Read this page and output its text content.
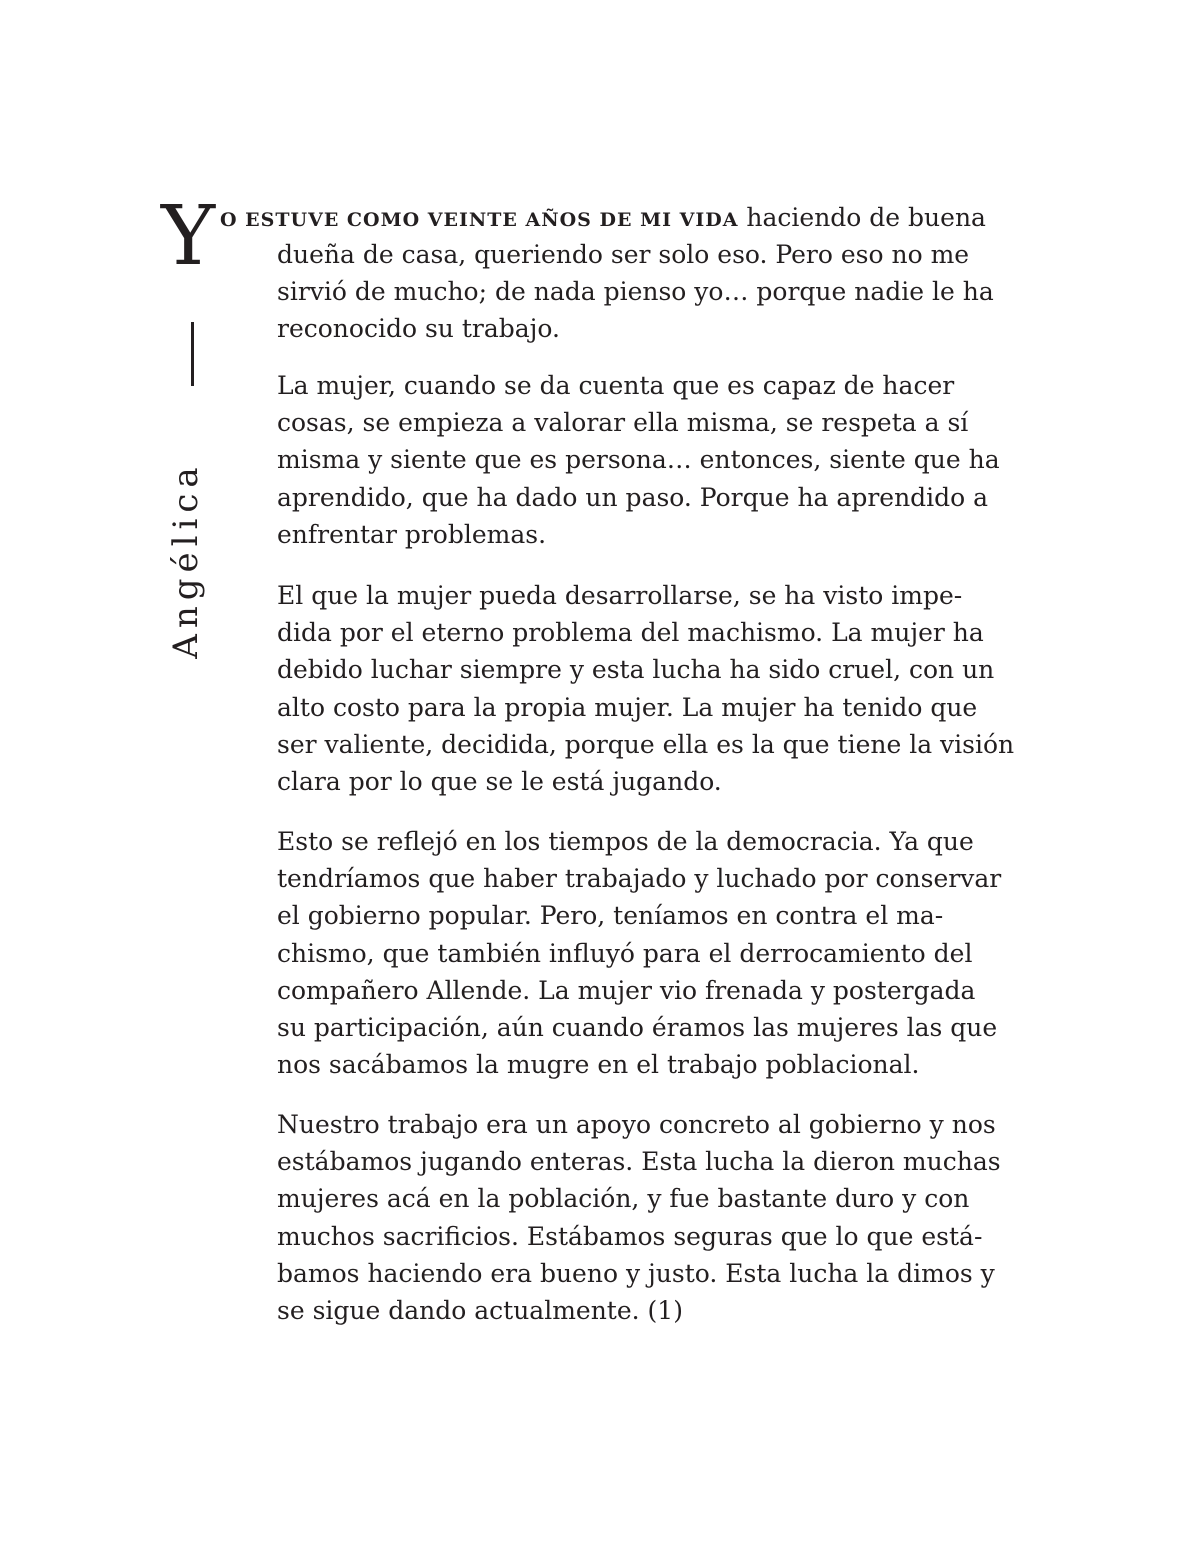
Y
Angélica
O ESTUVE COMO VEINTE AÑOS DE MI VIDA haciendo de buena
dueña de casa, queriendo ser solo eso. Pero eso no me
sirvió de mucho; de nada pienso yo… porque nadie le ha
reconocido su trabajo.
La mujer, cuando se da cuenta que es capaz de hacer
cosas, se empieza a valorar ella misma, se respeta a sí
misma y siente que es persona… entonces, siente que ha
aprendido, que ha dado un paso. Porque ha aprendido a
enfrentar problemas.
El que la mujer pueda desarrollarse, se ha visto impe-
dida por el eterno problema del machismo. La mujer ha
debido luchar siempre y esta lucha ha sido cruel, con un
alto costo para la propia mujer. La mujer ha tenido que
ser valiente, decidida, porque ella es la que tiene la visión
clara por lo que se le está jugando.
Esto se reflejó en los tiempos de la democracia. Ya que
tendríamos que haber trabajado y luchado por conservar
el gobierno popular. Pero, teníamos en contra el ma-
chismo, que también influyó para el derrocamiento del
compañero Allende. La mujer vio frenada y postergada
su participación, aún cuando éramos las mujeres las que
nos sacábamos la mugre en el trabajo poblacional.
Nuestro trabajo era un apoyo concreto al gobierno y nos
estábamos jugando enteras. Esta lucha la dieron muchas
mujeres acá en la población, y fue bastante duro y con
muchos sacrificios. Estábamos seguras que lo que está-
bamos haciendo era bueno y justo. Esta lucha la dimos y
se sigue dando actualmente. (1)
